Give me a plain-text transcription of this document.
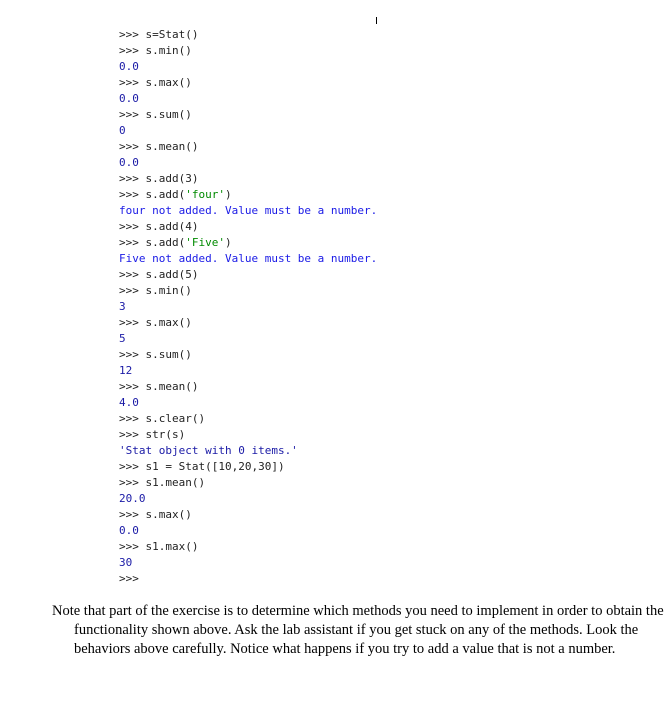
>>> s=Stat()
>>> s.min()
0.0
>>> s.max()
0.0
>>> s.sum()
0
>>> s.mean()
0.0
>>> s.add(3)
>>> s.add('four')
four not added. Value must be a number.
>>> s.add(4)
>>> s.add('Five')
Five not added. Value must be a number.
>>> s.add(5)
>>> s.min()
3
>>> s.max()
5
>>> s.sum()
12
>>> s.mean()
4.0
>>> s.clear()
>>> str(s)
'Stat object with 0 items.'
>>> s1 = Stat([10,20,30])
>>> s1.mean()
20.0
>>> s.max()
0.0
>>> s1.max()
30
>>>

Note that part of the exercise is to determine which methods you need to implement in order to obtain the functionality shown above. Ask the lab assistant if you get stuck on any of the methods. Look the behaviors above carefully. Notice what happens if you try to add a value that is not a number.
